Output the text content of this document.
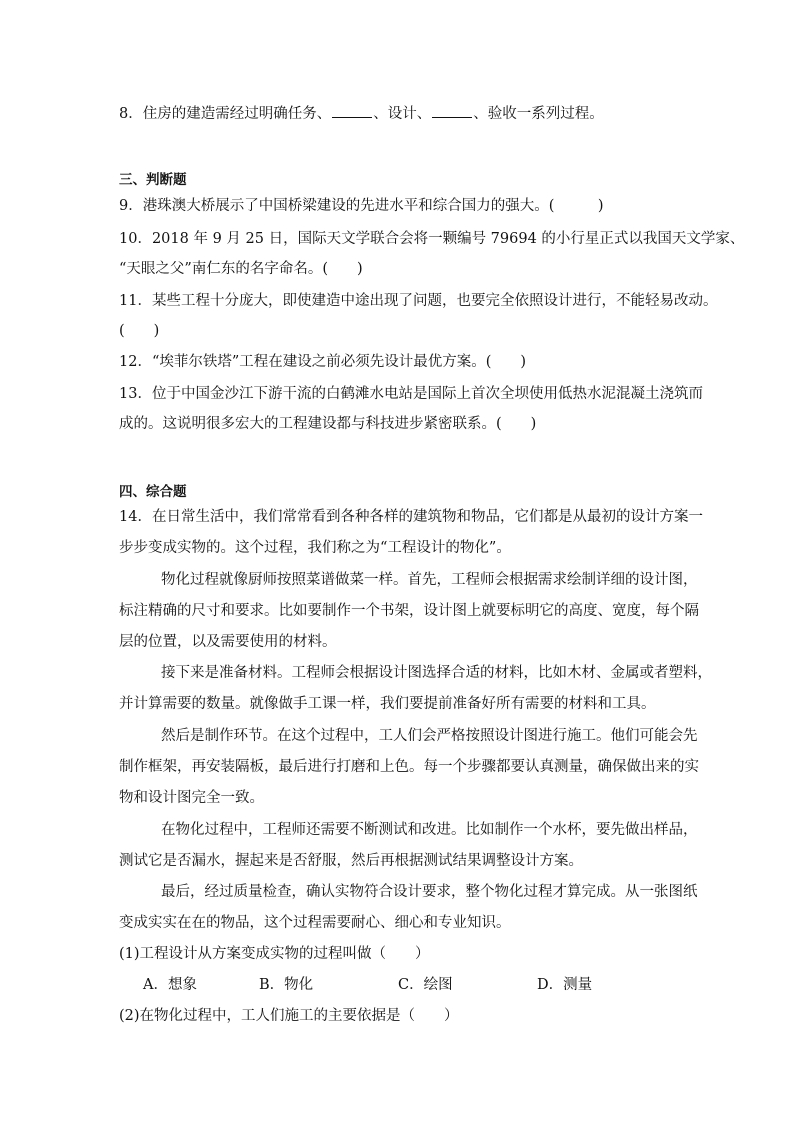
8．住房的建造需经过明确任务、	、设计、	、验收一系列过程。
三、判断题
9．港珠澳大桥展示了中国桥梁建设的先进水平和综合国力的强大。(　　　)
10．2018 年 9 月 25 日，国际天文学联合会将一颗编号 79694 的小行星正式以我国天文学家、
“天眼之父”南仁东的名字命名。(　　)
11．某些工程十分庞大，即使建造中途出现了问题，也要完全依照设计进行，不能轻易改动。
(　　)
12．“埃菲尔铁塔”工程在建设之前必须先设计最优方案。(　　)
13．位于中国金沙江下游干流的白鹤滩水电站是国际上首次全坝使用低热水泥混凝土浇筑而
成的。这说明很多宏大的工程建设都与科技进步紧密联系。(　　)
四、综合题
14．在日常生活中，我们常常看到各种各样的建筑物和物品，它们都是从最初的设计方案一
步步变成实物的。这个过程，我们称之为“工程设计的物化”。
物化过程就像厨师按照菜谱做菜一样。首先，工程师会根据需求绘制详细的设计图，
标注精确的尺寸和要求。比如要制作一个书架，设计图上就要标明它的高度、宽度，每个隔
层的位置，以及需要使用的材料。
接下来是准备材料。工程师会根据设计图选择合适的材料，比如木材、金属或者塑料，
并计算需要的数量。就像做手工课一样，我们要提前准备好所有需要的材料和工具。
然后是制作环节。在这个过程中，工人们会严格按照设计图进行施工。他们可能会先
制作框架，再安装隔板，最后进行打磨和上色。每一个步骤都要认真测量，确保做出来的实
物和设计图完全一致。
在物化过程中，工程师还需要不断测试和改进。比如制作一个水杯，要先做出样品，
测试它是否漏水，握起来是否舒服，然后再根据测试结果调整设计方案。
最后，经过质量检查，确认实物符合设计要求，整个物化过程才算完成。从一张图纸
变成实实在在的物品，这个过程需要耐心、细心和专业知识。
(1)工程设计从方案变成实物的过程叫做（　　）
A．想象	B．物化	C．绘图	D．测量
(2)在物化过程中，工人们施工的主要依据是（　　）
